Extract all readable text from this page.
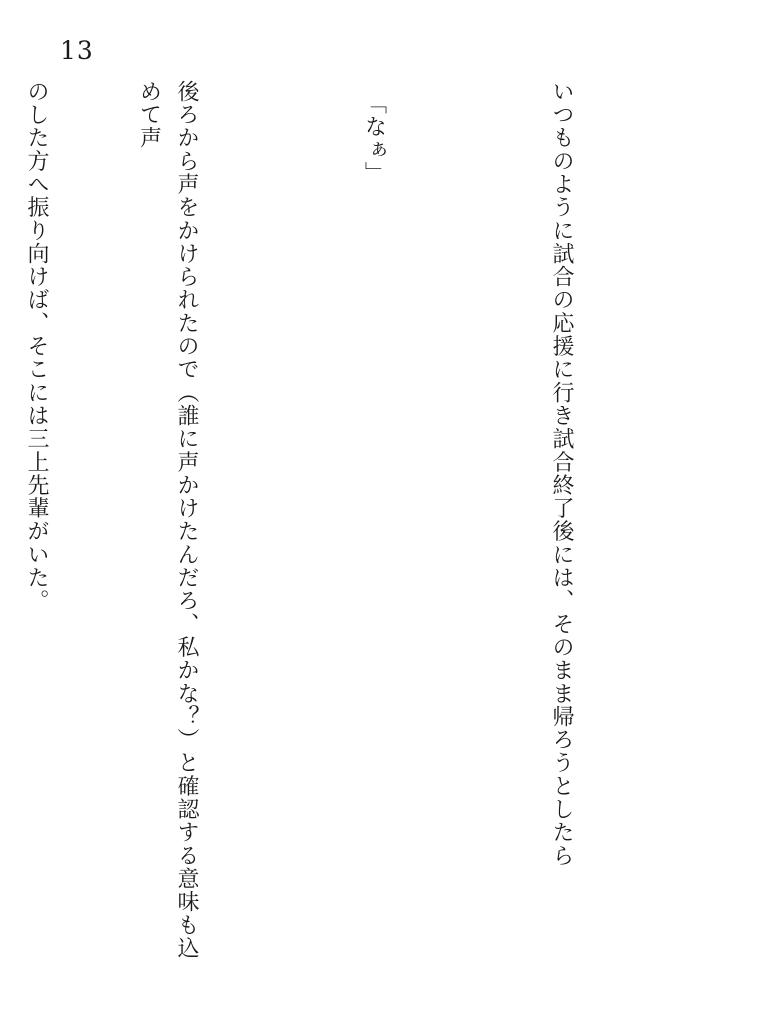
13

いつものように試合の応援に行き試合終了後には、そのまま帰ろうとしたら

　「なぁ」

後ろから声をかけられたので（誰に声かけたんだろ、私かな？）と確認する意味も込めて声

のした方へ振り向けば、そこには三上先輩がいた。
